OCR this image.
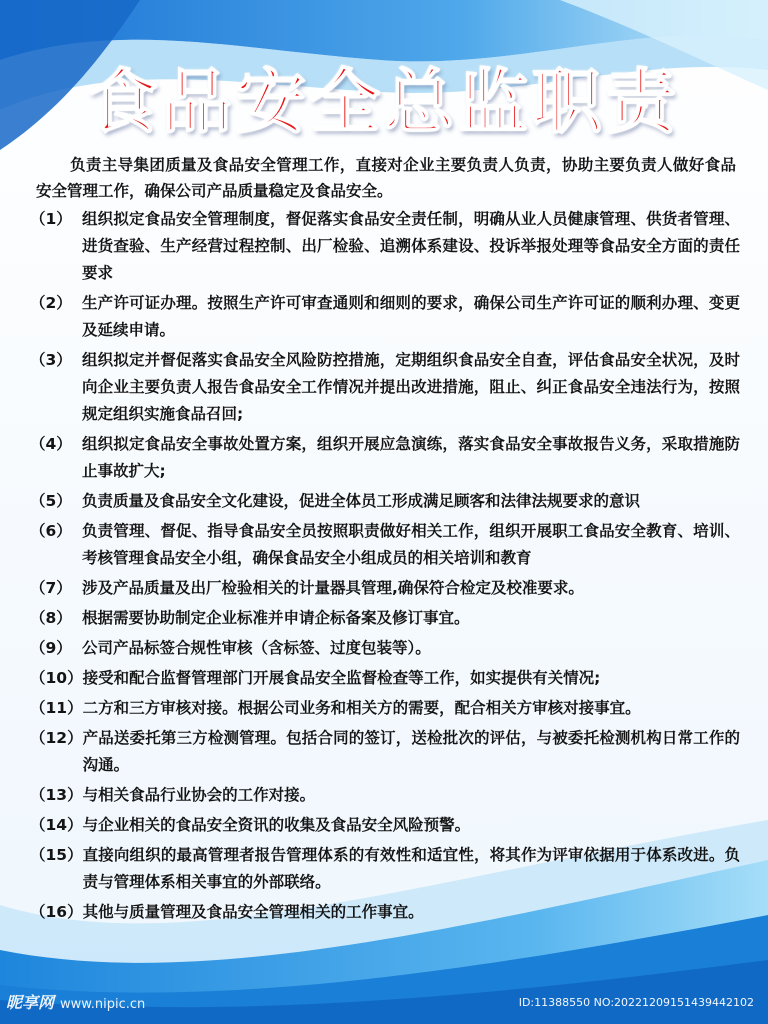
食品安全总监职责
负责主导集团质量及食品安全管理工作，直接对企业主要负责人负责，协助主要负责人做好食品安全管理工作，确保公司产品质量稳定及食品安全。
（1） 组织拟定食品安全管理制度，督促落实食品安全责任制，明确从业人员健康管理、供货者管理、进货查验、生产经营过程控制、出厂检验、追溯体系建设、投诉举报处理等食品安全方面的责任要求
（2） 生产许可证办理。按照生产许可审查通则和细则的要求，确保公司生产许可证的顺利办理、变更及延续申请。
（3） 组织拟定并督促落实食品安全风险防控措施，定期组织食品安全自查，评估食品安全状况，及时向企业主要负责人报告食品安全工作情况并提出改进措施，阻止、纠正食品安全违法行为，按照规定组织实施食品召回;
（4） 组织拟定食品安全事故处置方案，组织开展应急演练，落实食品安全事故报告义务，采取措施防止事故扩大;
（5） 负责质量及食品安全文化建设，促进全体员工形成满足顾客和法律法规要求的意识
（6） 负责管理、督促、指导食品安全员按照职责做好相关工作，组织开展职工食品安全教育、培训、考核管理食品安全小组，确保食品安全小组成员的相关培训和教育
（7） 涉及产品质量及出厂检验相关的计量器具管理,确保符合检定及校准要求。
（8） 根据需要协助制定企业标准并申请企标备案及修订事宜。
（9） 公司产品标签合规性审核（含标签、过度包装等）。
（10） 接受和配合监督管理部门开展食品安全监督检查等工作，如实提供有关情况;
（11） 二方和三方审核对接。根据公司业务和相关方的需要，配合相关方审核对接事宜。
（12） 产品送委托第三方检测管理。包括合同的签订，送检批次的评估，与被委托检测机构日常工作的沟通。
（13） 与相关食品行业协会的工作对接。
（14） 与企业相关的食品安全资讯的收集及食品安全风险预警。
（15） 直接向组织的最高管理者报告管理体系的有效性和适宜性，将其作为评审依据用于体系改进。负责与管理体系相关事宜的外部联络。
（16） 其他与质量管理及食品安全管理相关的工作事宜。
昵享网 www.nipic.cn	ID:11388550 NO:20221209151439442102
